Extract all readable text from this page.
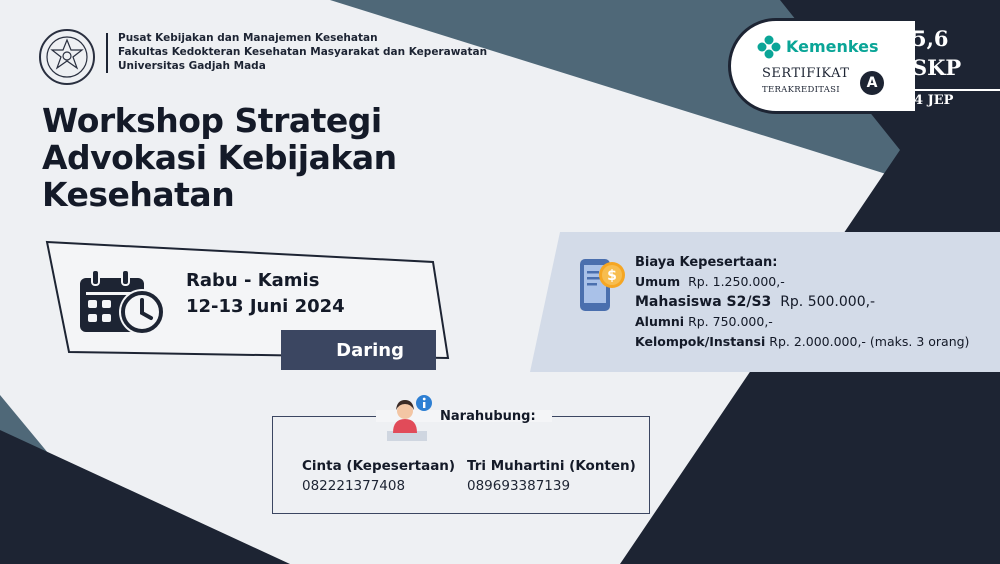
Pusat Kebijakan dan Manajemen Kesehatan
Fakultas Kedokteran Kesehatan Masyarakat dan Keperawatan
Universitas Gadjah Mada
Workshop Strategi
Advokasi Kebijakan
Kesehatan
Rabu - Kamis
12-13 Juni 2024
Daring
$
Biaya Kepesertaan:
Umum Rp. 1.250.000,-
Mahasiswa S2/S3 Rp. 500.000,-
Alumni Rp. 750.000,-
Kelompok/Instansi Rp. 2.000.000,- (maks. 3 orang)
Narahubung:
Cinta (Kepesertaan)
082221377408
Tri Muhartini (Konten)
089693387139
Kemenkes
SERTIFIKAT
TERAKREDITASI	A
5,6
SKP
4 JEP
